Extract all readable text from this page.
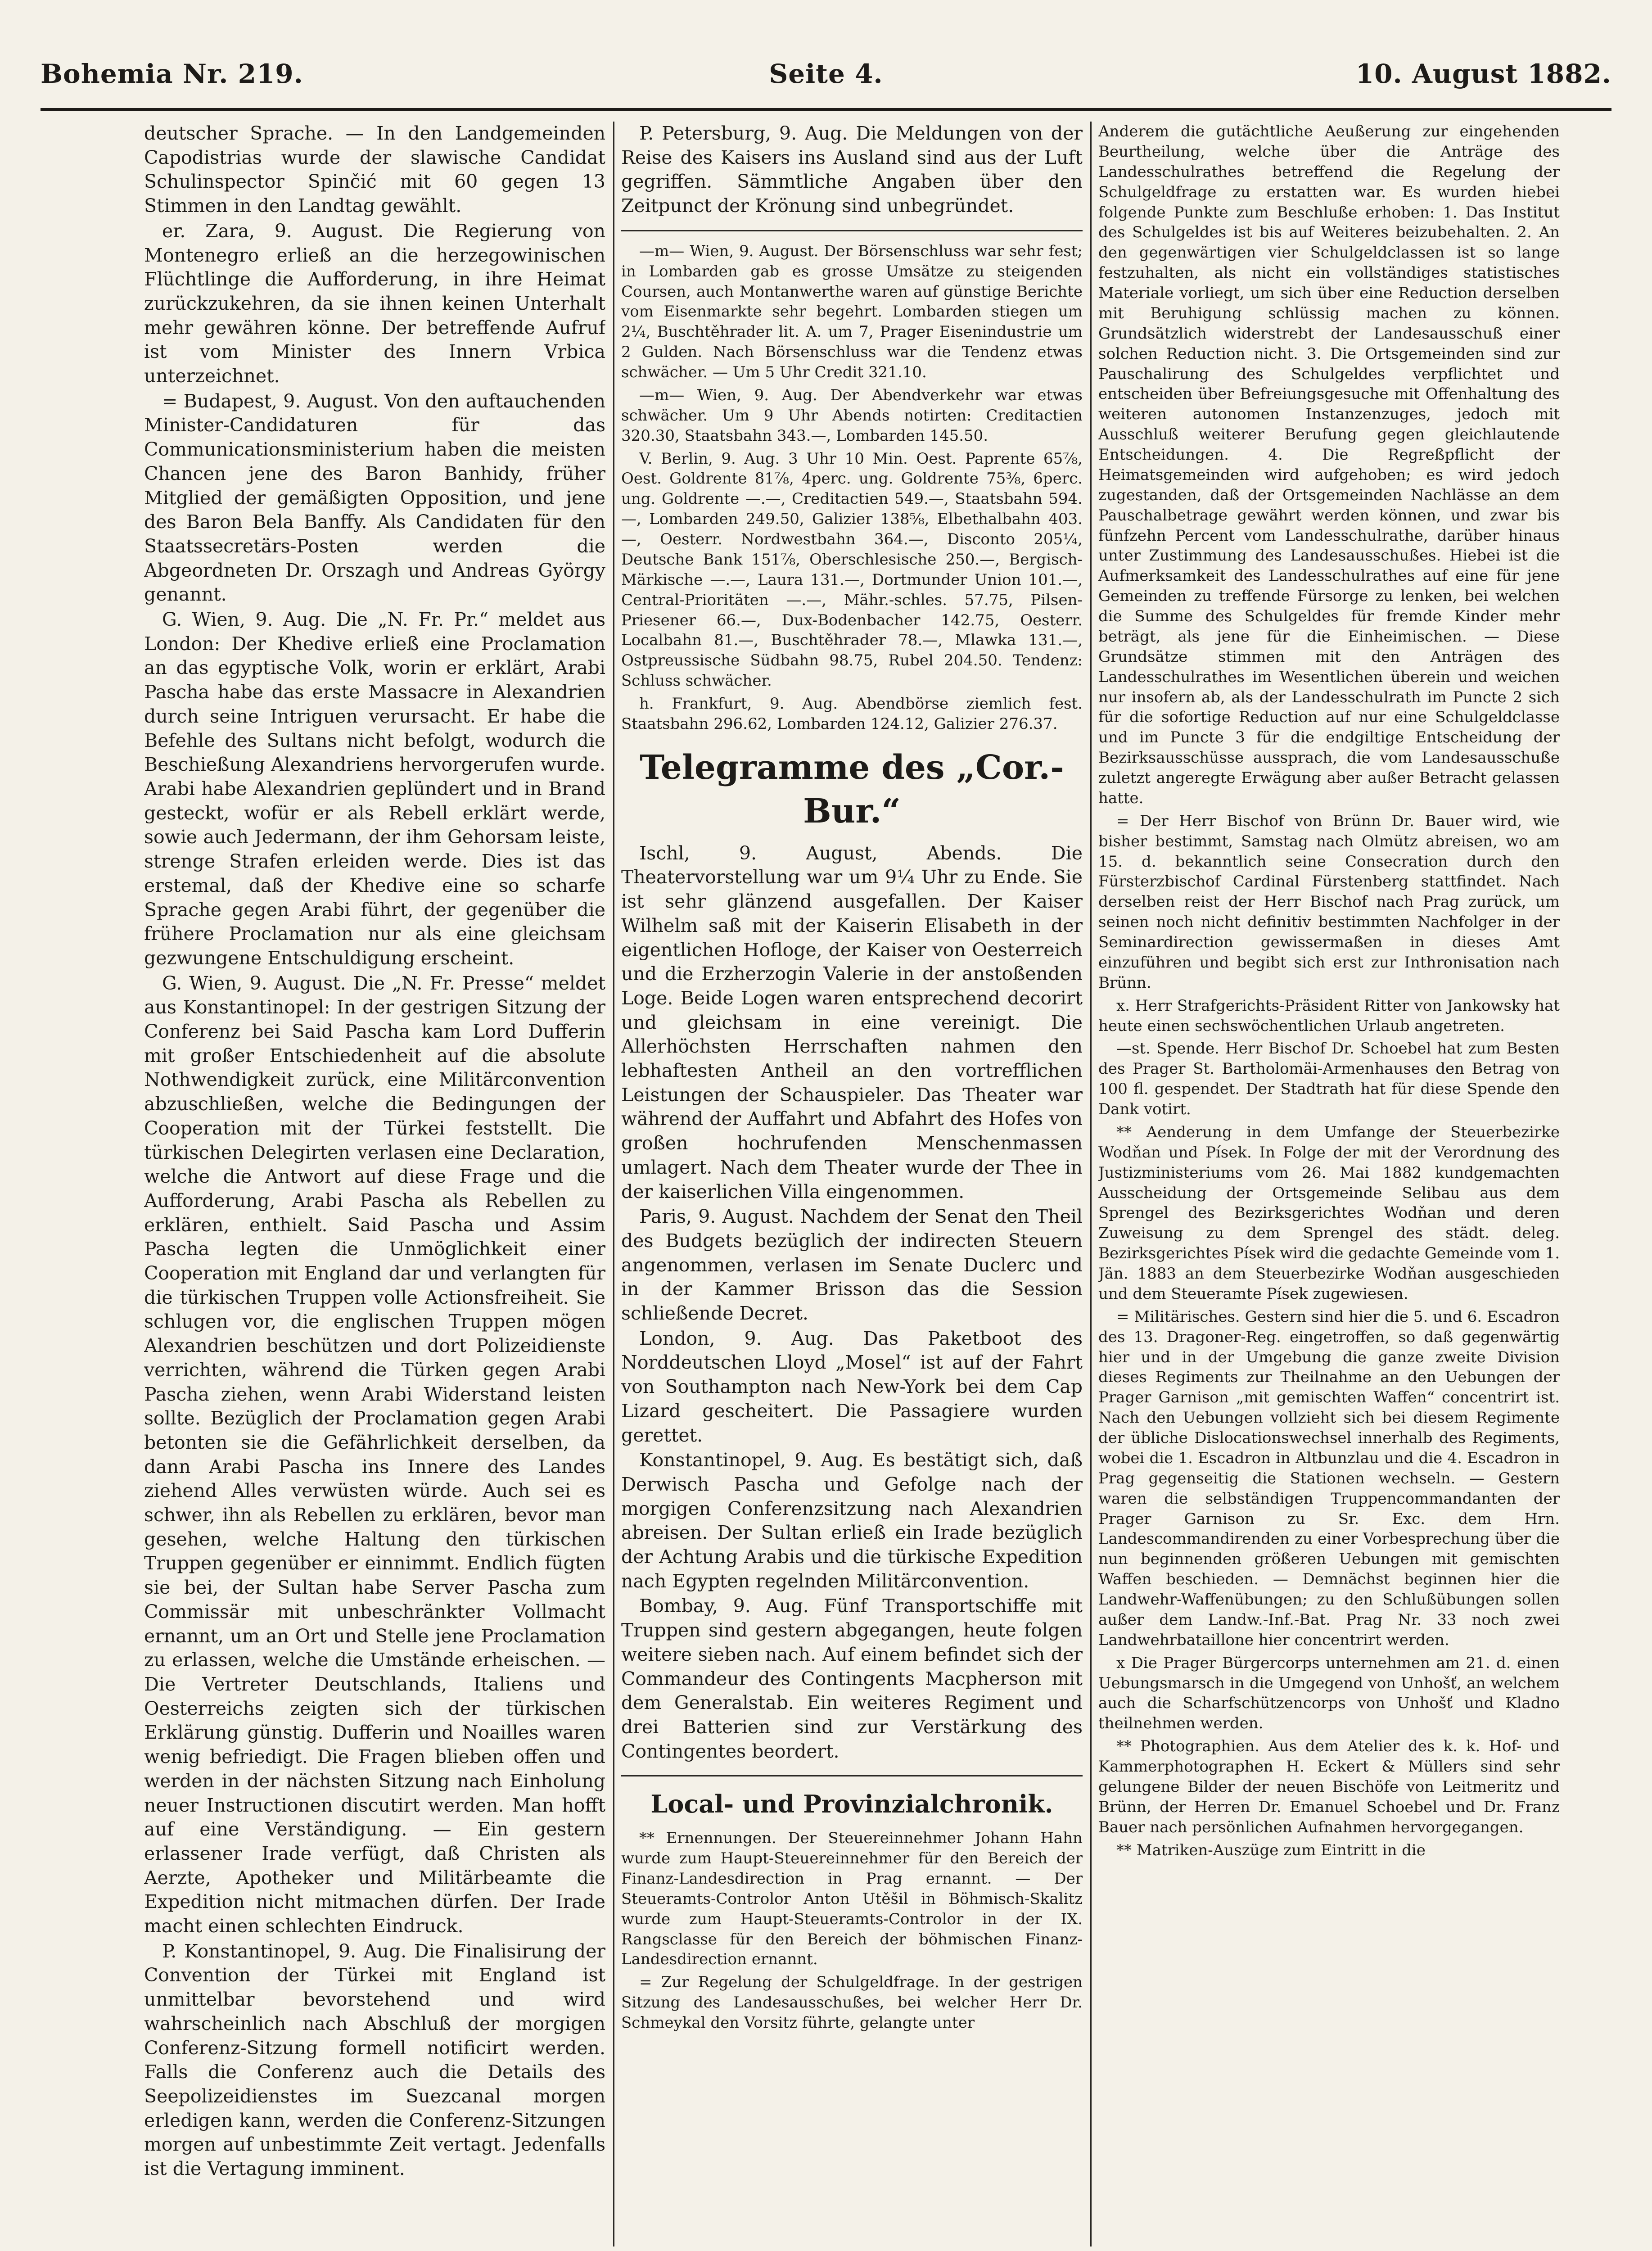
Bohemia Nr. 219.	Seite 4.	10. August 1882.

deutscher Sprache. — In den Landgemeinden Capodistrias wurde der slawische Candidat Schulinspector Spinčić mit 60 gegen 13 Stimmen in den Landtag gewählt.

er. Zara, 9. August. Die Regierung von Montenegro erließ an die herzegowinischen Flüchtlinge die Aufforderung, in ihre Heimat zurückzukehren, da sie ihnen keinen Unterhalt mehr gewähren könne. Der betreffende Aufruf ist vom Minister des Innern Vrbica unterzeichnet.

= Budapest, 9. August. Von den auftauchenden Minister-Candidaturen für das Communicationsministerium haben die meisten Chancen jene des Baron Banhidy, früher Mitglied der gemäßigten Opposition, und jene des Baron Bela Banffy. Als Candidaten für den Staatssecretärs-Posten werden die Abgeordneten Dr. Orszagh und Andreas György genannt.

G. Wien, 9. Aug. Die „N. Fr. Pr.“ meldet aus London: Der Khedive erließ eine Proclamation an das egyptische Volk, worin er erklärt, Arabi Pascha habe das erste Massacre in Alexandrien durch seine Intriguen verursacht. Er habe die Befehle des Sultans nicht befolgt, wodurch die Beschießung Alexandriens hervorgerufen wurde. Arabi habe Alexandrien geplündert und in Brand gesteckt, wofür er als Rebell erklärt werde, sowie auch Jedermann, der ihm Gehorsam leiste, strenge Strafen erleiden werde. Dies ist das erstemal, daß der Khedive eine so scharfe Sprache gegen Arabi führt, der gegenüber die frühere Proclamation nur als eine gleichsam gezwungene Entschuldigung erscheint.

G. Wien, 9. August. Die „N. Fr. Presse“ meldet aus Konstantinopel: In der gestrigen Sitzung der Conferenz bei Said Pascha kam Lord Dufferin mit großer Entschiedenheit auf die absolute Nothwendigkeit zurück, eine Militärconvention abzuschließen, welche die Bedingungen der Cooperation mit der Türkei feststellt. Die türkischen Delegirten verlasen eine Declaration, welche die Antwort auf diese Frage und die Aufforderung, Arabi Pascha als Rebellen zu erklären, enthielt. Said Pascha und Assim Pascha legten die Unmöglichkeit einer Cooperation mit England dar und verlangten für die türkischen Truppen volle Actionsfreiheit. Sie schlugen vor, die englischen Truppen mögen Alexandrien beschützen und dort Polizeidienste verrichten, während die Türken gegen Arabi Pascha ziehen, wenn Arabi Widerstand leisten sollte. Bezüglich der Proclamation gegen Arabi betonten sie die Gefährlichkeit derselben, da dann Arabi Pascha ins Innere des Landes ziehend Alles verwüsten würde. Auch sei es schwer, ihn als Rebellen zu erklären, bevor man gesehen, welche Haltung den türkischen Truppen gegenüber er einnimmt. Endlich fügten sie bei, der Sultan habe Server Pascha zum Commissär mit unbeschränkter Vollmacht ernannt, um an Ort und Stelle jene Proclamation zu erlassen, welche die Umstände erheischen. — Die Vertreter Deutschlands, Italiens und Oesterreichs zeigten sich der türkischen Erklärung günstig. Dufferin und Noailles waren wenig befriedigt. Die Fragen blieben offen und werden in der nächsten Sitzung nach Einholung neuer Instructionen discutirt werden. Man hofft auf eine Verständigung. — Ein gestern erlassener Irade verfügt, daß Christen als Aerzte, Apotheker und Militärbeamte die Expedition nicht mitmachen dürfen. Der Irade macht einen schlechten Eindruck.

P. Konstantinopel, 9. Aug. Die Finalisirung der Convention der Türkei mit England ist unmittelbar bevorstehend und wird wahrscheinlich nach Abschluß der morgigen Conferenz-Sitzung formell notificirt werden. Falls die Conferenz auch die Details des Seepolizeidienstes im Suezcanal morgen erledigen kann, werden die Conferenz-Sitzungen morgen auf unbestimmte Zeit vertagt. Jedenfalls ist die Vertagung imminent.

P. Petersburg, 9. Aug. Die Meldungen von der Reise des Kaisers ins Ausland sind aus der Luft gegriffen. Sämmtliche Angaben über den Zeitpunct der Krönung sind unbegründet.

—m— Wien, 9. August. Der Börsenschluss war sehr fest; in Lombarden gab es grosse Umsätze zu steigenden Coursen, auch Montanwerthe waren auf günstige Berichte vom Eisenmarkte sehr begehrt. Lombarden stiegen um 2¼, Buschtěhrader lit. A. um 7, Prager Eisenindustrie um 2 Gulden. Nach Börsenschluss war die Tendenz etwas schwächer. — Um 5 Uhr Credit 321.10.

—m— Wien, 9. Aug. Der Abendverkehr war etwas schwächer. Um 9 Uhr Abends notirten: Creditactien 320.30, Staatsbahn 343.—, Lombarden 145.50.

V. Berlin, 9. Aug. 3 Uhr 10 Min. Oest. Paprente 65⅞, Oest. Goldrente 81⅞, 4perc. ung. Goldrente 75⅜, 6perc. ung. Goldrente —.—, Creditactien 549.—, Staatsbahn 594.—, Lombarden 249.50, Galizier 138⅝, Elbethalbahn 403.—, Oesterr. Nordwestbahn 364.—, Disconto 205¼, Deutsche Bank 151⅞, Oberschlesische 250.—, Bergisch-Märkische —.—, Laura 131.—, Dortmunder Union 101.—, Central-Prioritäten —.—, Mähr.-schles. 57.75, Pilsen-Priesener 66.—, Dux-Bodenbacher 142.75, Oesterr. Localbahn 81.—, Buschtěhrader 78.—, Mlawka 131.—, Ostpreussische Südbahn 98.75, Rubel 204.50. Tendenz: Schluss schwächer.

h. Frankfurt, 9. Aug. Abendbörse ziemlich fest. Staatsbahn 296.62, Lombarden 124.12, Galizier 276.37.

Telegramme des „Cor.-Bur.“

Ischl, 9. August, Abends. Die Theatervorstellung war um 9¼ Uhr zu Ende. Sie ist sehr glänzend ausgefallen. Der Kaiser Wilhelm saß mit der Kaiserin Elisabeth in der eigentlichen Hofloge, der Kaiser von Oesterreich und die Erzherzogin Valerie in der anstoßenden Loge. Beide Logen waren entsprechend decorirt und gleichsam in eine vereinigt. Die Allerhöchsten Herrschaften nahmen den lebhaftesten Antheil an den vortrefflichen Leistungen der Schauspieler. Das Theater war während der Auffahrt und Abfahrt des Hofes von großen hochrufenden Menschenmassen umlagert. Nach dem Theater wurde der Thee in der kaiserlichen Villa eingenommen.

Paris, 9. August. Nachdem der Senat den Theil des Budgets bezüglich der indirecten Steuern angenommen, verlasen im Senate Duclerc und in der Kammer Brisson das die Session schließende Decret.

London, 9. Aug. Das Paketboot des Norddeutschen Lloyd „Mosel“ ist auf der Fahrt von Southampton nach New-York bei dem Cap Lizard gescheitert. Die Passagiere wurden gerettet.

Konstantinopel, 9. Aug. Es bestätigt sich, daß Derwisch Pascha und Gefolge nach der morgigen Conferenzsitzung nach Alexandrien abreisen. Der Sultan erließ ein Irade bezüglich der Achtung Arabis und die türkische Expedition nach Egypten regelnden Militärconvention.

Bombay, 9. Aug. Fünf Transportschiffe mit Truppen sind gestern abgegangen, heute folgen weitere sieben nach. Auf einem befindet sich der Commandeur des Contingents Macpherson mit dem Generalstab. Ein weiteres Regiment und drei Batterien sind zur Verstärkung des Contingentes beordert.

Local- und Provinzialchronik.

** Ernennungen. Der Steuereinnehmer Johann Hahn wurde zum Haupt-Steuereinnehmer für den Bereich der Finanz-Landesdirection in Prag ernannt. — Der Steueramts-Controlor Anton Utěšil in Böhmisch-Skalitz wurde zum Haupt-Steueramts-Controlor in der IX. Rangsclasse für den Bereich der böhmischen Finanz-Landesdirection ernannt.

= Zur Regelung der Schulgeldfrage. In der gestrigen Sitzung des Landesausschußes, bei welcher Herr Dr. Schmeykal den Vorsitz führte, gelangte unter

Anderem die gutächtliche Aeußerung zur eingehenden Beurtheilung, welche über die Anträge des Landesschulrathes betreffend die Regelung der Schulgeldfrage zu erstatten war. Es wurden hiebei folgende Punkte zum Beschluße erhoben: 1. Das Institut des Schulgeldes ist bis auf Weiteres beizubehalten. 2. An den gegenwärtigen vier Schulgeldclassen ist so lange festzuhalten, als nicht ein vollständiges statistisches Materiale vorliegt, um sich über eine Reduction derselben mit Beruhigung schlüssig machen zu können. Grundsätzlich widerstrebt der Landesausschuß einer solchen Reduction nicht. 3. Die Ortsgemeinden sind zur Pauschalirung des Schulgeldes verpflichtet und entscheiden über Befreiungsgesuche mit Offenhaltung des weiteren autonomen Instanzenzuges, jedoch mit Ausschluß weiterer Berufung gegen gleichlautende Entscheidungen. 4. Die Regreßpflicht der Heimatsgemeinden wird aufgehoben; es wird jedoch zugestanden, daß der Ortsgemeinden Nachlässe an dem Pauschalbetrage gewährt werden können, und zwar bis fünfzehn Percent vom Landesschulrathe, darüber hinaus unter Zustimmung des Landesausschußes. Hiebei ist die Aufmerksamkeit des Landesschulrathes auf eine für jene Gemeinden zu treffende Fürsorge zu lenken, bei welchen die Summe des Schulgeldes für fremde Kinder mehr beträgt, als jene für die Einheimischen. — Diese Grundsätze stimmen mit den Anträgen des Landesschulrathes im Wesentlichen überein und weichen nur insofern ab, als der Landesschulrath im Puncte 2 sich für die sofortige Reduction auf nur eine Schulgeldclasse und im Puncte 3 für die endgiltige Entscheidung der Bezirksausschüsse aussprach, die vom Landesausschuße zuletzt angeregte Erwägung aber außer Betracht gelassen hatte.

= Der Herr Bischof von Brünn Dr. Bauer wird, wie bisher bestimmt, Samstag nach Olmütz abreisen, wo am 15. d. bekanntlich seine Consecration durch den Fürsterzbischof Cardinal Fürstenberg stattfindet. Nach derselben reist der Herr Bischof nach Prag zurück, um seinen noch nicht definitiv bestimmten Nachfolger in der Seminardirection gewissermaßen in dieses Amt einzuführen und begibt sich erst zur Inthronisation nach Brünn.

x. Herr Strafgerichts-Präsident Ritter von Jankowsky hat heute einen sechswöchentlichen Urlaub angetreten.

—st. Spende. Herr Bischof Dr. Schoebel hat zum Besten des Prager St. Bartholomäi-Armenhauses den Betrag von 100 fl. gespendet. Der Stadtrath hat für diese Spende den Dank votirt.

** Aenderung in dem Umfange der Steuerbezirke Wodňan und Písek. In Folge der mit der Verordnung des Justizministeriums vom 26. Mai 1882 kundgemachten Ausscheidung der Ortsgemeinde Selibau aus dem Sprengel des Bezirksgerichtes Wodňan und deren Zuweisung zu dem Sprengel des städt. deleg. Bezirksgerichtes Písek wird die gedachte Gemeinde vom 1. Jän. 1883 an dem Steuerbezirke Wodňan ausgeschieden und dem Steueramte Písek zugewiesen.

= Militärisches. Gestern sind hier die 5. und 6. Escadron des 13. Dragoner-Reg. eingetroffen, so daß gegenwärtig hier und in der Umgebung die ganze zweite Division dieses Regiments zur Theilnahme an den Uebungen der Prager Garnison „mit gemischten Waffen“ concentrirt ist. Nach den Uebungen vollzieht sich bei diesem Regimente der übliche Dislocationswechsel innerhalb des Regiments, wobei die 1. Escadron in Altbunzlau und die 4. Escadron in Prag gegenseitig die Stationen wechseln. — Gestern waren die selbständigen Truppencommandanten der Prager Garnison zu Sr. Exc. dem Hrn. Landescommandirenden zu einer Vorbesprechung über die nun beginnenden größeren Uebungen mit gemischten Waffen beschieden. — Demnächst beginnen hier die Landwehr-Waffenübungen; zu den Schlußübungen sollen außer dem Landw.-Inf.-Bat. Prag Nr. 33 noch zwei Landwehrbataillone hier concentrirt werden.

x Die Prager Bürgercorps unternehmen am 21. d. einen Uebungsmarsch in die Umgegend von Unhošť, an welchem auch die Scharfschützencorps von Unhošť und Kladno theilnehmen werden.

** Photographien. Aus dem Atelier des k. k. Hof- und Kammerphotographen H. Eckert & Müllers sind sehr gelungene Bilder der neuen Bischöfe von Leitmeritz und Brünn, der Herren Dr. Emanuel Schoebel und Dr. Franz Bauer nach persönlichen Aufnahmen hervorgegangen.

** Matriken-Auszüge zum Eintritt in die
